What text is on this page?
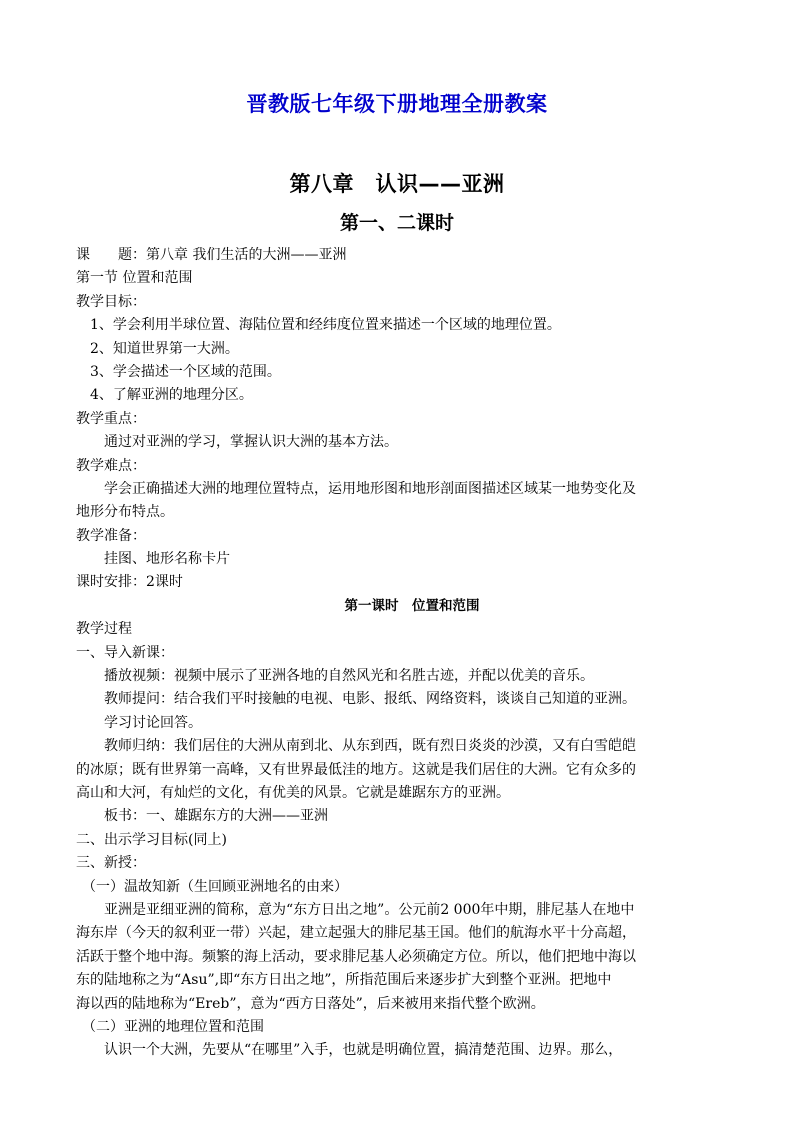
晋教版七年级下册地理全册教案
第八章　认识——亚洲
第一、二课时
课　　题：第八章 我们生活的大洲——亚洲
第一节 位置和范围
教学目标：
　1、学会利用半球位置、海陆位置和经纬度位置来描述一个区域的地理位置。
　2、知道世界第一大洲。
　3、学会描述一个区域的范围。
　4、了解亚洲的地理分区。
教学重点：
通过对亚洲的学习，掌握认识大洲的基本方法。
教学难点：
学会正确描述大洲的地理位置特点，运用地形图和地形剖面图描述区域某一地势变化及
地形分布特点。
教学准备：
挂图、地形名称卡片
课时安排：2课时
第一课时　位置和范围
教学过程
一、导入新课：
播放视频：视频中展示了亚洲各地的自然风光和名胜古迹，并配以优美的音乐。
教师提问：结合我们平时接触的电视、电影、报纸、网络资料，谈谈自己知道的亚洲。
学习讨论回答。
教师归纳：我们居住的大洲从南到北、从东到西，既有烈日炎炎的沙漠，又有白雪皑皑
的冰原；既有世界第一高峰，又有世界最低洼的地方。这就是我们居住的大洲。它有众多的
高山和大河，有灿烂的文化，有优美的风景。它就是雄踞东方的亚洲。
板书：一、雄踞东方的大洲——亚洲
二、出示学习目标(同上)
三、新授：
（一）温故知新（生回顾亚洲地名的由来）
亚洲是亚细亚洲的简称，意为“东方日出之地”。公元前2 000年中期，腓尼基人在地中
海东岸（今天的叙利亚一带）兴起，建立起强大的腓尼基王国。他们的航海水平十分高超，
活跃于整个地中海。频繁的海上活动，要求腓尼基人必须确定方位。所以，他们把地中海以
东的陆地称之为“Asu”,即“东方日出之地”，所指范围后来逐步扩大到整个亚洲。把地中
海以西的陆地称为“Ereb”，意为“西方日落处”，后来被用来指代整个欧洲。
（二）亚洲的地理位置和范围
认识一个大洲，先要从“在哪里”入手，也就是明确位置，搞清楚范围、边界。那么，
